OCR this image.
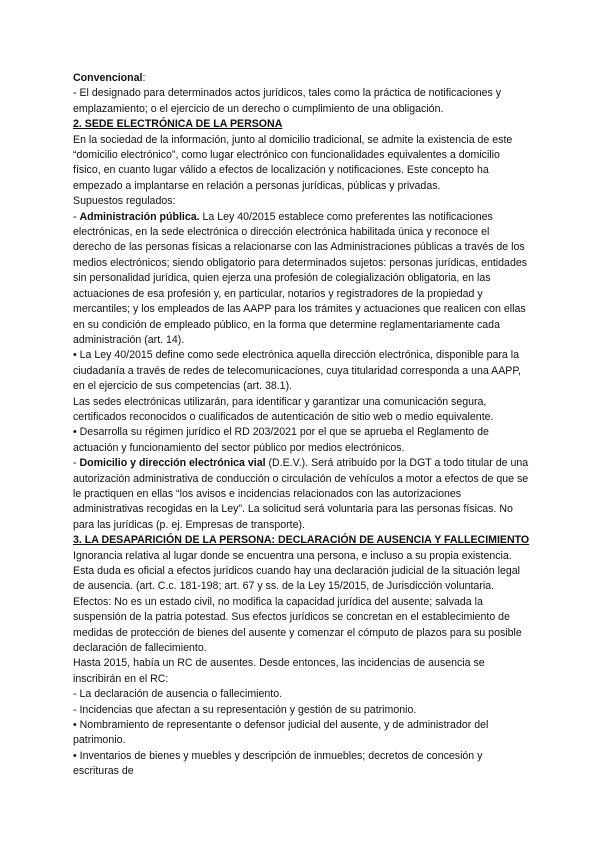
Convencional:

- El designado para determinados actos jurídicos, tales como la práctica de notificaciones y emplazamiento; o el ejercicio de un derecho o cumplimiento de una obligación.

2. SEDE ELECTRÓNICA DE LA PERSONA

En la sociedad de la información, junto al domicilio tradicional, se admite la existencia de este “domicilio electrónico”, como lugar electrónico con funcionalidades equivalentes a domicilio físico, en cuanto lugar válido a efectos de localización y notificaciones. Este concepto ha empezado a implantarse en relación a personas jurídicas, públicas y privadas.

Supuestos regulados:

- Administración pública. La Ley 40/2015 establece como preferentes las notificaciones electrónicas, en la sede electrónica o dirección electrónica habilitada única y reconoce el derecho de las personas físicas a relacionarse con las Administraciones públicas a través de los medios electrónicos; siendo obligatorio para determinados sujetos: personas jurídicas, entidades sin personalidad jurídica, quien ejerza una profesión de colegialización obligatoria, en las actuaciones de esa profesión y, en particular, notarios y registradores de la propiedad y mercantiles; y los empleados de las AAPP para los trámites y actuaciones que realicen con ellas en su condición de empleado público, en la forma que determine reglamentariamente cada administración (art. 14).

• La Ley 40/2015 define como sede electrónica aquella dirección electrónica, disponible para la ciudadanía a través de redes de telecomunicaciones, cuya titularidad corresponda a una AAPP, en el ejercicio de sus competencias (art. 38.1).

Las sedes electrónicas utilizarán, para identificar y garantizar una comunicación segura, certificados reconocidos o cualificados de autenticación de sitio web o medio equivalente.

• Desarrolla su régimen jurídico el RD 203/2021 por el que se aprueba el Reglamento de actuación y funcionamiento del sector público por medios electrónicos.

- Domicilio y dirección electrónica vial (D.E.V.). Será atribuido por la DGT a todo titular de una autorización administrativa de conducción o circulación de vehículos a motor a efectos de que se le practiquen en ellas “los avisos e incidencias relacionados con las autorizaciones administrativas recogidas en la Ley”. La solicitud será voluntaria para las personas físicas. No para las jurídicas (p. ej. Empresas de transporte).

3. LA DESAPARICIÓN DE LA PERSONA: DECLARACIÓN DE AUSENCIA Y FALLECIMIENTO

Ignorancia relativa al lugar donde se encuentra una persona, e incluso a su propia existencia. Esta duda es oficial a efectos jurídicos cuando hay una declaración judicial de la situación legal de ausencia. (art. C.c. 181-198; art. 67 y ss. de la Ley 15/2015, de Jurisdicción voluntaria.

Efectos: No es un estado civil, no modifica la capacidad jurídica del ausente; salvada la suspensión de la patria potestad. Sus efectos jurídicos se concretan en el establecimiento de medidas de protección de bienes del ausente y comenzar el cómputo de plazos para su posible declaración de fallecimiento.

Hasta 2015, había un RC de ausentes. Desde entonces, las incidencias de ausencia se inscribirán en el RC:

- La declaración de ausencia o fallecimiento.

- Incidencias que afectan a su representación y gestión de su patrimonio.

• Nombramiento de representante o defensor judicial del ausente, y de administrador del patrimonio.

• Inventarios de bienes y muebles y descripción de inmuebles; decretos de concesión y escrituras de
